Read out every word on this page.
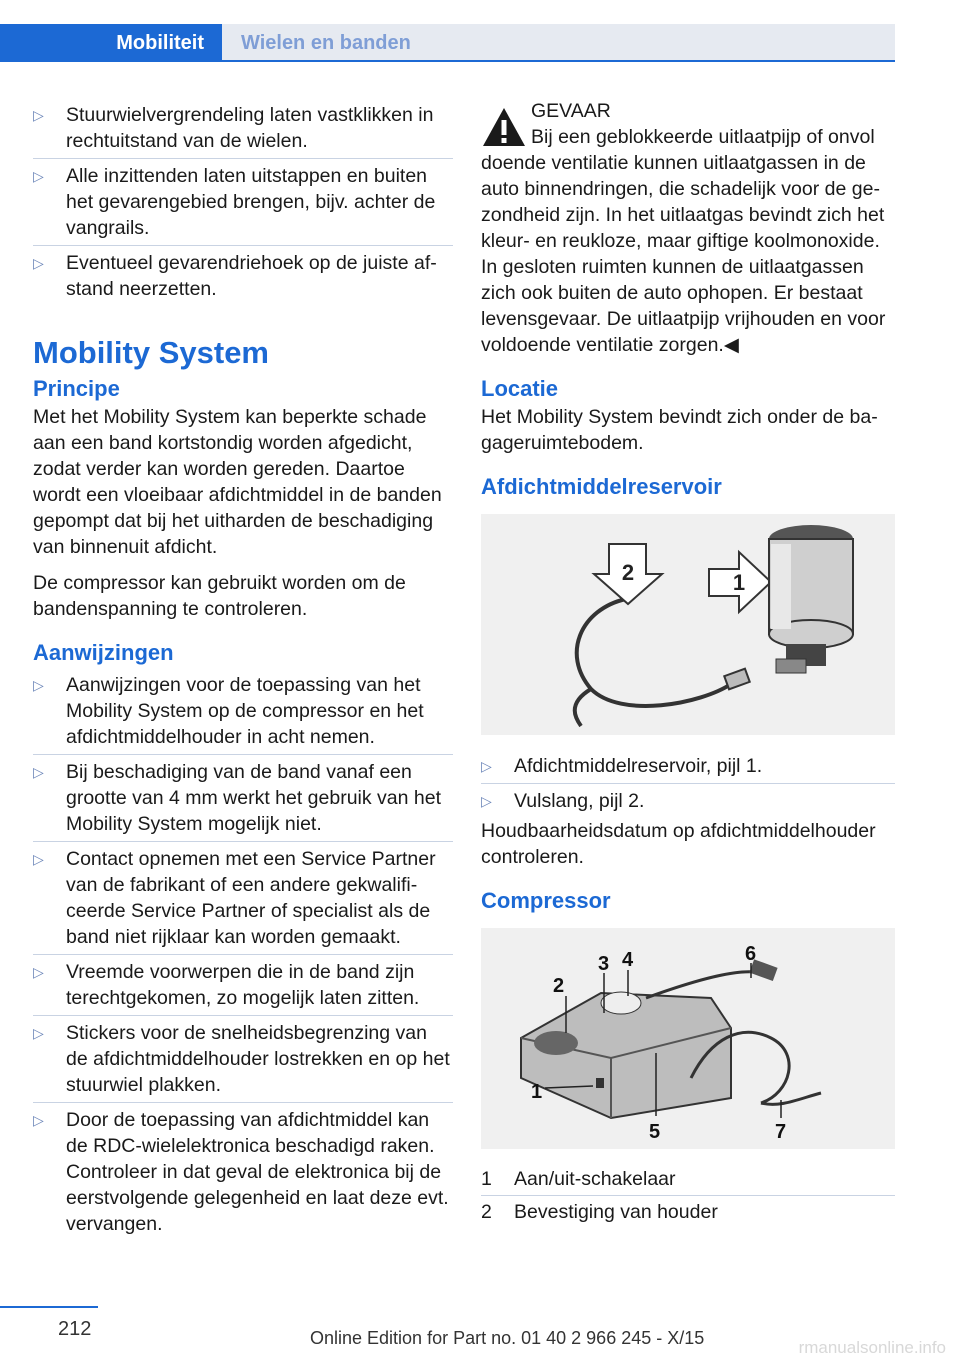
Mobiliteit	Wielen en banden
▷	Stuurwielvergrendeling laten vastklikken in rechtuitstand van de wielen.
▷	Alle inzittenden laten uitstappen en buiten het gevarengebied brengen, bijv. achter de vangrails.
▷	Eventueel gevarendriehoek op de juiste afstand neerzetten.
Mobility System
Principe

Met het Mobility System kan beperkte schade aan een band kortstondig worden afgedicht, zodat verder kan worden gereden. Daartoe wordt een vloeibaar afdichtmiddel in de banden gepompt dat bij het uitharden de beschadiging van binnenuit afdicht.

De compressor kan gebruikt worden om de bandenspanning te controleren.

Aanwijzingen
▷	Aanwijzingen voor de toepassing van het Mobility System op de compressor en het afdichtmiddelhouder in acht nemen.
▷	Bij beschadiging van de band vanaf een grootte van 4 mm werkt het gebruik van het Mobility System mogelijk niet.
▷	Contact opnemen met een Service Partner van de fabrikant of een andere gekwalificeerde Service Partner of specialist als de band niet rijklaar kan worden gemaakt.
▷	Vreemde voorwerpen die in de band zijn terechtgekomen, zo mogelijk laten zitten.
▷	Stickers voor de snelheidsbegrenzing van de afdichtmiddelhouder lostrekken en op het stuurwiel plakken.
▷	Door de toepassing van afdichtmiddel kan de RDC-wielelektronica beschadigd raken. Controleer in dat geval de elektronica bij de eerstvolgende gelegenheid en laat deze evt. vervangen.
GEVAAR
Bij een geblokkeerde uitlaatpijp of onvol
doende ventilatie kunnen uitlaatgassen in de auto binnendringen, die schadelijk voor de gezondheid zijn. In het uitlaatgas bevindt zich het kleur- en reukloze, maar giftige koolmonoxide. In gesloten ruimten kunnen de uitlaatgassen zich ook buiten de auto ophopen. Er bestaat levensgevaar. De uitlaatpijp vrijhouden en voor voldoende ventilatie zorgen.◀
Locatie

Het Mobility System bevindt zich onder de bagageruimtebodem.

Afdichtmiddelreservoir
2	1
▷	Afdichtmiddelreservoir, pijl 1.
▷	Vulslang, pijl 2.

Houdbaarheidsdatum op afdichtmiddelhouder controleren.

Compressor
1
2
3 4
5
6
7
1	Aan/uit-schakelaar
2	Bevestiging van houder
212	Online Edition for Part no. 01 40 2 966 245 - X/15	rmanualsonline.info
